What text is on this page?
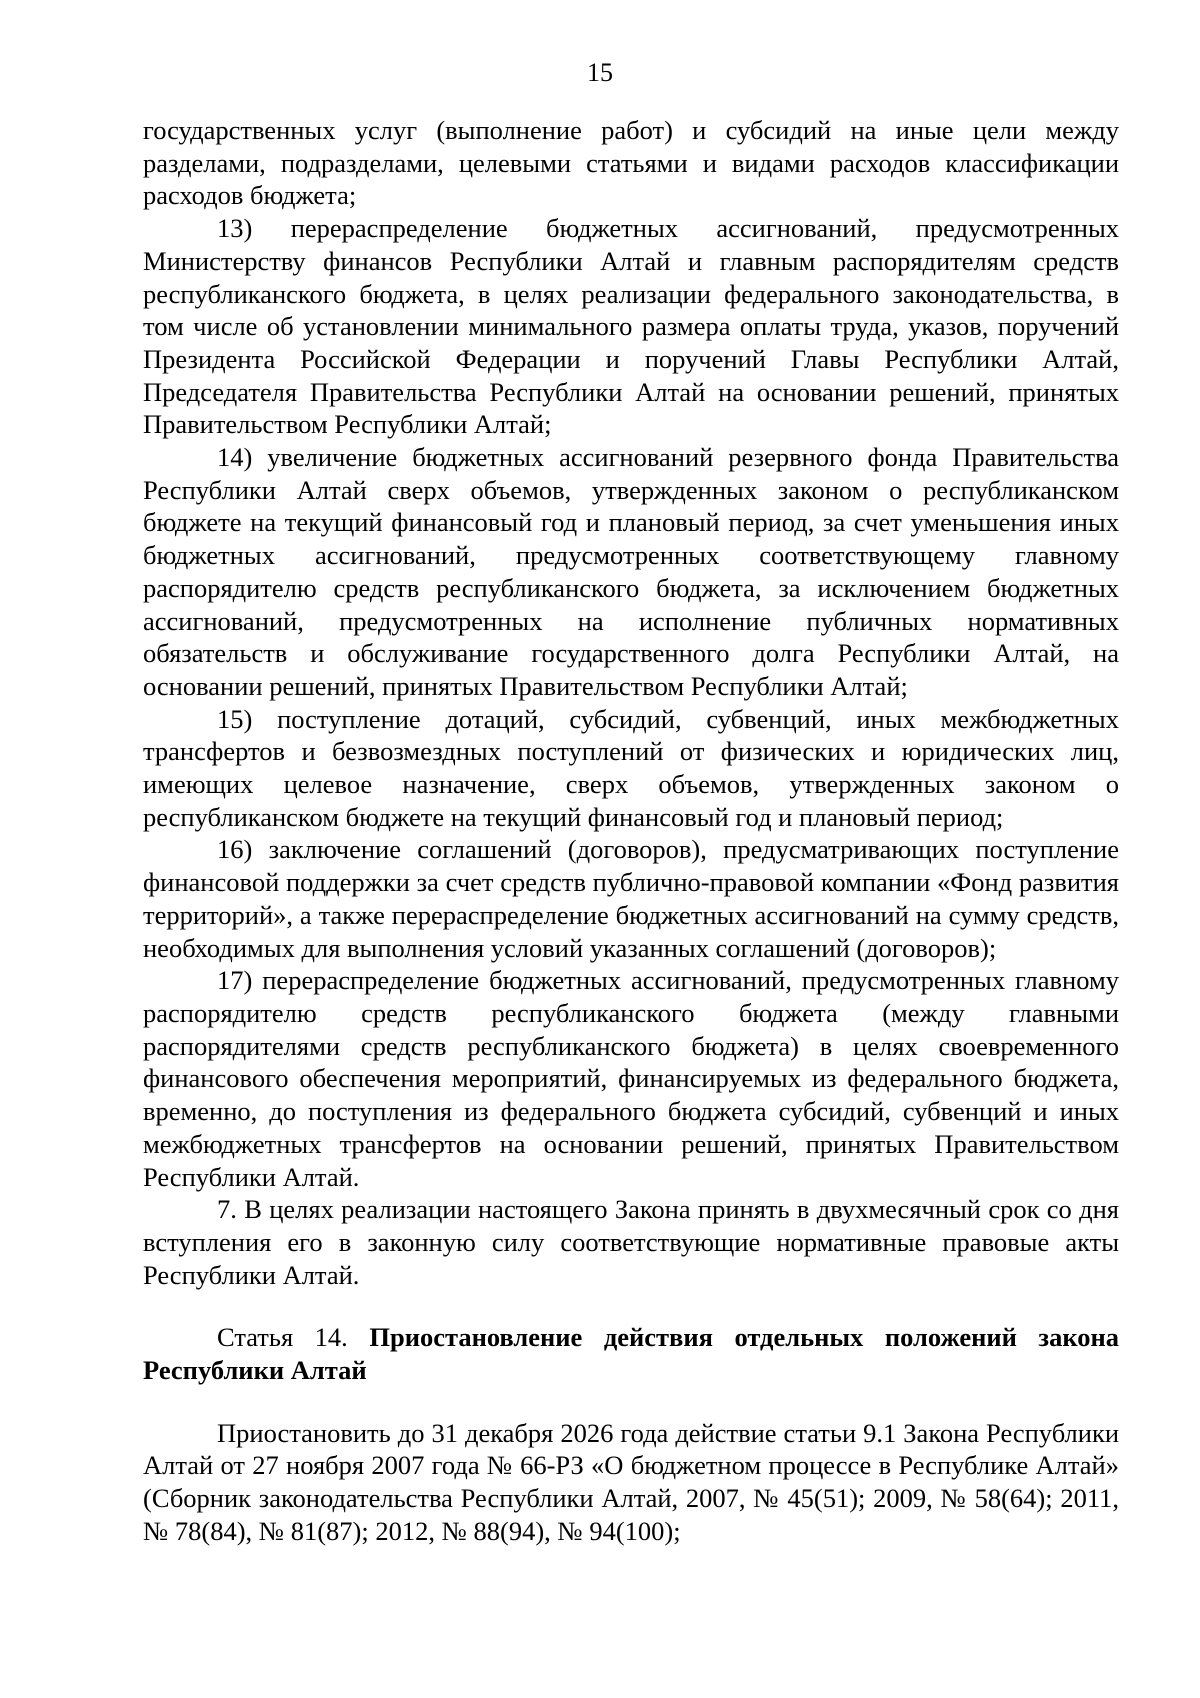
15

государственных услуг (выполнение работ) и субсидий на иные цели между разделами, подразделами, целевыми статьями и видами расходов классификации расходов бюджета;

13) перераспределение бюджетных ассигнований, предусмотренных Министерству финансов Республики Алтай и главным распорядителям средств республиканского бюджета, в целях реализации федерального законодательства, в том числе об установлении минимального размера оплаты труда, указов, поручений Президента Российской Федерации и поручений Главы Республики Алтай, Председателя Правительства Республики Алтай на основании решений, принятых Правительством Республики Алтай;

14) увеличение бюджетных ассигнований резервного фонда Правительства Республики Алтай сверх объемов, утвержденных законом о республиканском бюджете на текущий финансовый год и плановый период, за счет уменьшения иных бюджетных ассигнований, предусмотренных соответствующему главному распорядителю средств республиканского бюджета, за исключением бюджетных ассигнований, предусмотренных на исполнение публичных нормативных обязательств и обслуживание государственного долга Республики Алтай, на основании решений, принятых Правительством Республики Алтай;

15) поступление дотаций, субсидий, субвенций, иных межбюджетных трансфертов и безвозмездных поступлений от физических и юридических лиц, имеющих целевое назначение, сверх объемов, утвержденных законом о республиканском бюджете на текущий финансовый год и плановый период;

16) заключение соглашений (договоров), предусматривающих поступление финансовой поддержки за счет средств публично-правовой компании «Фонд развития территорий», а также перераспределение бюджетных ассигнований на сумму средств, необходимых для выполнения условий указанных соглашений (договоров);

17) перераспределение бюджетных ассигнований, предусмотренных главному распорядителю средств республиканского бюджета (между главными распорядителями средств республиканского бюджета) в целях своевременного финансового обеспечения мероприятий, финансируемых из федерального бюджета, временно, до поступления из федерального бюджета субсидий, субвенций и иных межбюджетных трансфертов на основании решений, принятых Правительством Республики Алтай.

7. В целях реализации настоящего Закона принять в двухмесячный срок со дня вступления его в законную силу соответствующие нормативные правовые акты Республики Алтай.

Статья 14. Приостановление действия отдельных положений закона Республики Алтай

Приостановить до 31 декабря 2026 года действие статьи 9.1 Закона Республики Алтай от 27 ноября 2007 года № 66-РЗ «О бюджетном процессе в Республике Алтай» (Сборник законодательства Республики Алтай, 2007, № 45(51); 2009, № 58(64); 2011, № 78(84), № 81(87); 2012, № 88(94), № 94(100);
